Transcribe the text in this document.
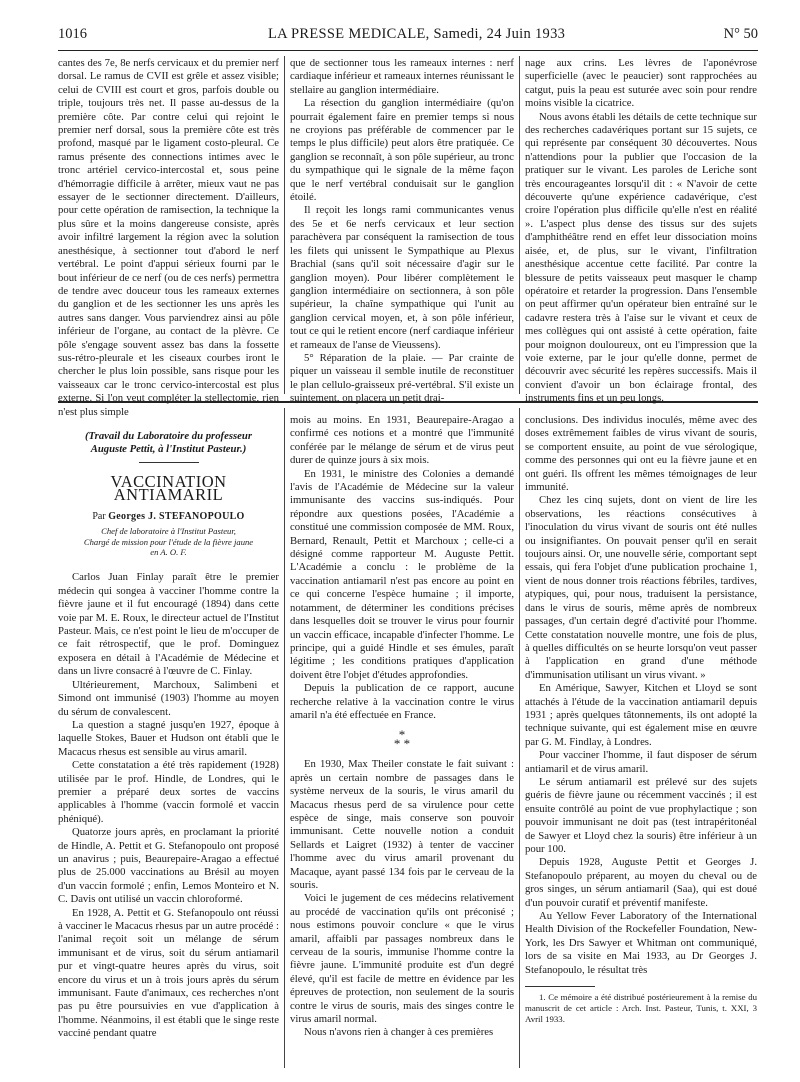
1016	LA PRESSE MEDICALE, Samedi, 24 Juin 1933	N° 50

cantes des 7e, 8e nerfs cervicaux et du premier nerf dorsal. Le ramus de CVII est grêle et assez visible; celui de CVIII est court et gros, parfois double ou triple, toujours très net. Il passe au-dessus de la première côte. Par contre celui qui rejoint le premier nerf dorsal, sous la première côte est très profond, masqué par le ligament costo-pleural. Ce ramus présente des connections intimes avec le tronc artériel cervico-intercostal et, sous peine d'hémorragie difficile à arrêter, mieux vaut ne pas essayer de le sectionner directement. D'ailleurs, pour cette opération de ramisection, la technique la plus sûre et la moins dangereuse consiste, après avoir infiltré largement la région avec la solution anesthésique, à sectionner tout d'abord le nerf vertébral. Le point d'appui sérieux fourni par le bout inférieur de ce nerf (ou de ces nerfs) permettra de tendre avec douceur tous les rameaux externes du ganglion et de les sectionner les uns après les autres sans danger. Vous parviendrez ainsi au pôle inférieur de l'organe, au contact de la plèvre. Ce pôle s'engage souvent assez bas dans la fossette sus-rétro-pleurale et les ciseaux courbes iront le chercher le plus loin possible, sans risque pour les vaisseaux car le tronc cervico-intercostal est plus externe. Si l'on veut compléter la stellectomie, rien n'est plus simple

que de sectionner tous les rameaux internes : nerf cardiaque inférieur et rameaux internes réunissant le stellaire au ganglion intermédiaire.

La résection du ganglion intermédiaire (qu'on pourrait également faire en premier temps si nous ne croyions pas préférable de commencer par le temps le plus difficile) peut alors être pratiquée. Ce ganglion se reconnaît, à son pôle supérieur, au tronc du sympathique qui le signale de la même façon que le nerf vertébral conduisait sur le ganglion étoilé.

Il reçoit les longs rami communicantes venus des 5e et 6e nerfs cervicaux et leur section parachèvera par conséquent la ramisection de tous les filets qui unissent le Sympathique au Plexus Brachial (sans qu'il soit nécessaire d'agir sur le ganglion moyen). Pour libérer complètement le ganglion intermédiaire on sectionnera, à son pôle supérieur, la chaîne sympathique qui l'unit au ganglion cervical moyen, et, à son pôle inférieur, tout ce qui le retient encore (nerf cardiaque inférieur et rameaux de l'anse de Vieussens).

5° Réparation de la plaie. — Par crainte de piquer un vaisseau il semble inutile de reconstituer le plan cellulo-graisseux pré-vertébral. S'il existe un suintement, on placera un petit drai-

nage aux crins. Les lèvres de l'aponévrose superficielle (avec le peaucier) sont rapprochées au catgut, puis la peau est suturée avec soin pour rendre moins visible la cicatrice.

Nous avons établi les détails de cette technique sur des recherches cadavériques portant sur 15 sujets, ce qui représente par conséquent 30 découvertes. Nous n'attendions pour la publier que l'occasion de la pratiquer sur le vivant. Les paroles de Leriche sont très encourageantes lorsqu'il dit : « N'avoir de cette découverte qu'une expérience cadavérique, c'est croire l'opération plus difficile qu'elle n'est en réalité ». L'aspect plus dense des tissus sur des sujets d'amphithéâtre rend en effet leur dissociation moins aisée, et, de plus, sur le vivant, l'infiltration anesthésique accentue cette facilité. Par contre la blessure de petits vaisseaux peut masquer le champ opératoire et retarder la progression. Dans l'ensemble on peut affirmer qu'un opérateur bien entraîné sur le cadavre restera très à l'aise sur le vivant et ceux de mes collègues qui ont assisté à cette opération, faite pour moignon douloureux, ont eu l'impression que la voie externe, par le jour qu'elle donne, permet de découvrir avec sécurité les repères successifs. Mais il convient d'avoir un bon éclairage frontal, des instruments fins et un peu longs.

(Travail du Laboratoire du professeur
Auguste Pettit, à l'Institut Pasteur.)
VACCINATION ANTIAMARIL
Par Georges J. STEFANOPOULO
Chef de laboratoire à l'Institut Pasteur,
Chargé de mission pour l'étude de la fièvre jaune
en A. O. F.

Carlos Juan Finlay paraît être le premier médecin qui songea à vacciner l'homme contre la fièvre jaune et il fut encouragé (1894) dans cette voie par M. E. Roux, le directeur actuel de l'Institut Pasteur. Mais, ce n'est point le lieu de m'occuper de ce fait rétrospectif, que le prof. Dominguez exposera en détail à l'Académie de Médecine et dans un livre consacré à l'œuvre de C. Finlay.

Ultérieurement, Marchoux, Salimbeni et Simond ont immunisé (1903) l'homme au moyen du sérum de convalescent.

La question a stagné jusqu'en 1927, époque à laquelle Stokes, Bauer et Hudson ont établi que le Macacus rhesus est sensible au virus amaril.

Cette constatation a été très rapidement (1928) utilisée par le prof. Hindle, de Londres, qui le premier a préparé deux sortes de vaccins applicables à l'homme (vaccin formolé et vaccin phéniqué).

Quatorze jours après, en proclamant la priorité de Hindle, A. Pettit et G. Stefanopoulo ont proposé un anavirus ; puis, Beaurepaire-Aragao a effectué plus de 25.000 vaccinations au Brésil au moyen d'un vaccin formolé ; enfin, Lemos Monteiro et N. C. Davis ont utilisé un vaccin chloroformé.

En 1928, A. Pettit et G. Stefanopoulo ont réussi à vacciner le Macacus rhesus par un autre procédé : l'animal reçoit soit un mélange de sérum immunisant et de virus, soit du sérum antiamaril pur et vingt-quatre heures après du virus, soit encore du virus et un à trois jours après du sérum immunisant. Faute d'animaux, ces recherches n'ont pas pu être poursuivies en vue d'application à l'homme. Néanmoins, il est établi que le singe reste vacciné pendant quatre

mois au moins. En 1931, Beaurepaire-Aragao a confirmé ces notions et a montré que l'immunité conférée par le mélange de sérum et de virus peut durer de quinze jours à six mois.

En 1931, le ministre des Colonies a demandé l'avis de l'Académie de Médecine sur la valeur immunisante des vaccins sus-indiqués. Pour répondre aux questions posées, l'Académie a constitué une commission composée de MM. Roux, Bernard, Renault, Pettit et Marchoux ; celle-ci a désigné comme rapporteur M. Auguste Pettit. L'Académie a conclu : le problème de la vaccination antiamaril n'est pas encore au point en ce qui concerne l'espèce humaine ; il importe, notamment, de déterminer les conditions précises dans lesquelles doit se trouver le virus pour fournir un vaccin efficace, incapable d'infecter l'homme. Le principe, qui a guidé Hindle et ses émules, paraît légitime ; les conditions pratiques d'application doivent être l'objet d'études approfondies.

Depuis la publication de ce rapport, aucune recherche relative à la vaccination contre le virus amaril n'a été effectuée en France.

*
* *

En 1930, Max Theiler constate le fait suivant : après un certain nombre de passages dans le système nerveux de la souris, le virus amaril du Macacus rhesus perd de sa virulence pour cette espèce de singe, mais conserve son pouvoir immunisant. Cette nouvelle notion a conduit Sellards et Laigret (1932) à tenter de vacciner l'homme avec du virus amaril provenant du Macaque, ayant passé 134 fois par le cerveau de la souris.

Voici le jugement de ces médecins relativement au procédé de vaccination qu'ils ont préconisé ; nous estimons pouvoir conclure « que le virus amaril, affaibli par passages nombreux dans le cerveau de la souris, immunise l'homme contre la fièvre jaune. L'immunité produite est d'un degré élevé, qu'il est facile de mettre en évidence par les épreuves de protection, non seulement de la souris contre le virus de souris, mais des singes contre le virus amaril normal.

Nous n'avons rien à changer à ces premières

conclusions. Des individus inoculés, même avec des doses extrêmement faibles de virus vivant de souris, se comportent ensuite, au point de vue sérologique, comme des personnes qui ont eu la fièvre jaune et en ont guéri. Ils offrent les mêmes témoignages de leur immunité.

Chez les cinq sujets, dont on vient de lire les observations, les réactions consécutives à l'inoculation du virus vivant de souris ont été nulles ou insignifiantes. On pouvait penser qu'il en serait toujours ainsi. Or, une nouvelle série, comportant sept essais, qui fera l'objet d'une publication prochaine 1, vient de nous donner trois réactions fébriles, tardives, atypiques, qui, pour nous, traduisent la persistance, dans le virus de souris, même après de nombreux passages, d'un certain degré d'activité pour l'homme. Cette constatation nouvelle montre, une fois de plus, à quelles difficultés on se heurte lorsqu'on veut passer à l'application en grand d'une méthode d'immunisation utilisant un virus vivant. »

En Amérique, Sawyer, Kitchen et Lloyd se sont attachés à l'étude de la vaccination antiamaril depuis 1931 ; après quelques tâtonnements, ils ont adopté la technique suivante, qui est également mise en œuvre par G. M. Findlay, à Londres.

Pour vacciner l'homme, il faut disposer de sérum antiamaril et de virus amaril.

Le sérum antiamaril est prélevé sur des sujets guéris de fièvre jaune ou récemment vaccinés ; il est ensuite contrôlé au point de vue prophylactique ; son pouvoir immunisant ne doit pas (test intrapéritonéal de Sawyer et Lloyd chez la souris) être inférieur à un pour 100.

Depuis 1928, Auguste Pettit et Georges J. Stefanopoulo préparent, au moyen du cheval ou de gros singes, un sérum antiamaril (Saa), qui est doué d'un pouvoir curatif et préventif manifeste.

Au Yellow Fever Laboratory of the International Health Division of the Rockefeller Foundation, New-York, les Drs Sawyer et Whitman ont communiqué, lors de sa visite en Mai 1933, au Dr Georges J. Stefanopoulo, le résultat très

1. Ce mémoire a été distribué postérieurement à la remise du manuscrit de cet article : Arch. Inst. Pasteur, Tunis, t. XXI, 3 Avril 1933.
